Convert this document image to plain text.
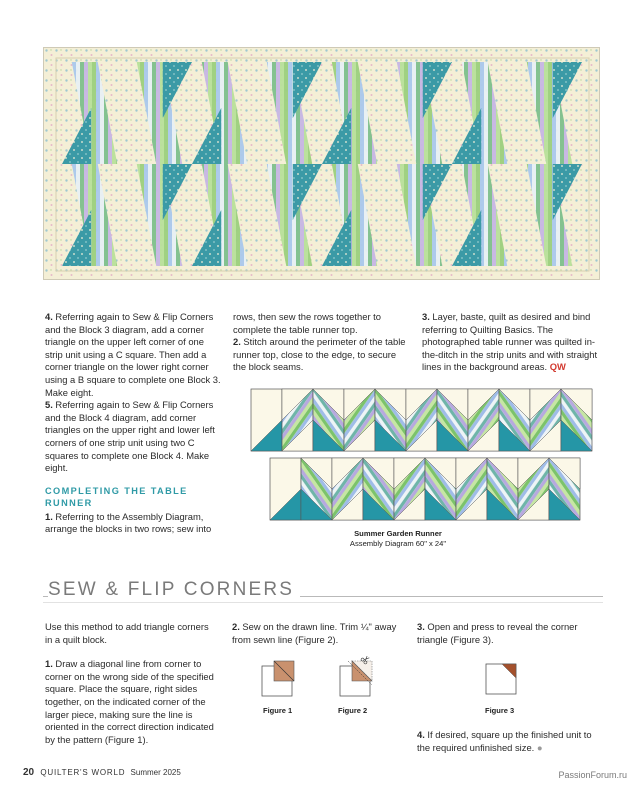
4. Referring again to Sew & Flip Corners and the Block 3 diagram, add a corner triangle on the upper left corner of one strip unit using a C square. Then add a corner triangle on the lower right corner using a B square to complete one Block 3. Make eight.

5. Referring again to Sew & Flip Corners and the Block 4 diagram, add corner triangles on the upper right and lower left corners of one strip unit using two C squares to complete one Block 4. Make eight.

COMPLETING THE TABLE RUNNER

1. Referring to the Assembly Diagram, arrange the blocks in two rows; sew into

rows, then sew the rows together to complete the table runner top.

2. Stitch around the perimeter of the table runner top, close to the edge, to secure the block seams.

3. Layer, baste, quilt as desired and bind referring to Quilting Basics. The photographed table runner was quilted in-the-ditch in the strip units and with straight lines in the background areas. QW

Summer Garden Runner
Assembly Diagram 60" x 24"
SEW & FLIP CORNERS

Use this method to add triangle corners in a quilt block.

1. Draw a diagonal line from corner to corner on the wrong side of the specified square. Place the square, right sides together, on the indicated corner of the larger piece, making sure the line is oriented in the correct direction indicated by the pattern (Figure 1).

2. Sew on the drawn line. Trim ¼" away from sewn line (Figure 2).

3. Open and press to reveal the corner triangle (Figure 3).

4. If desired, square up the finished unit to the required unfinished size. ●

Figure 1	Figure 2	Figure 3
20 QUILTER'S WORLD Summer 2025	PassionForum.ru
